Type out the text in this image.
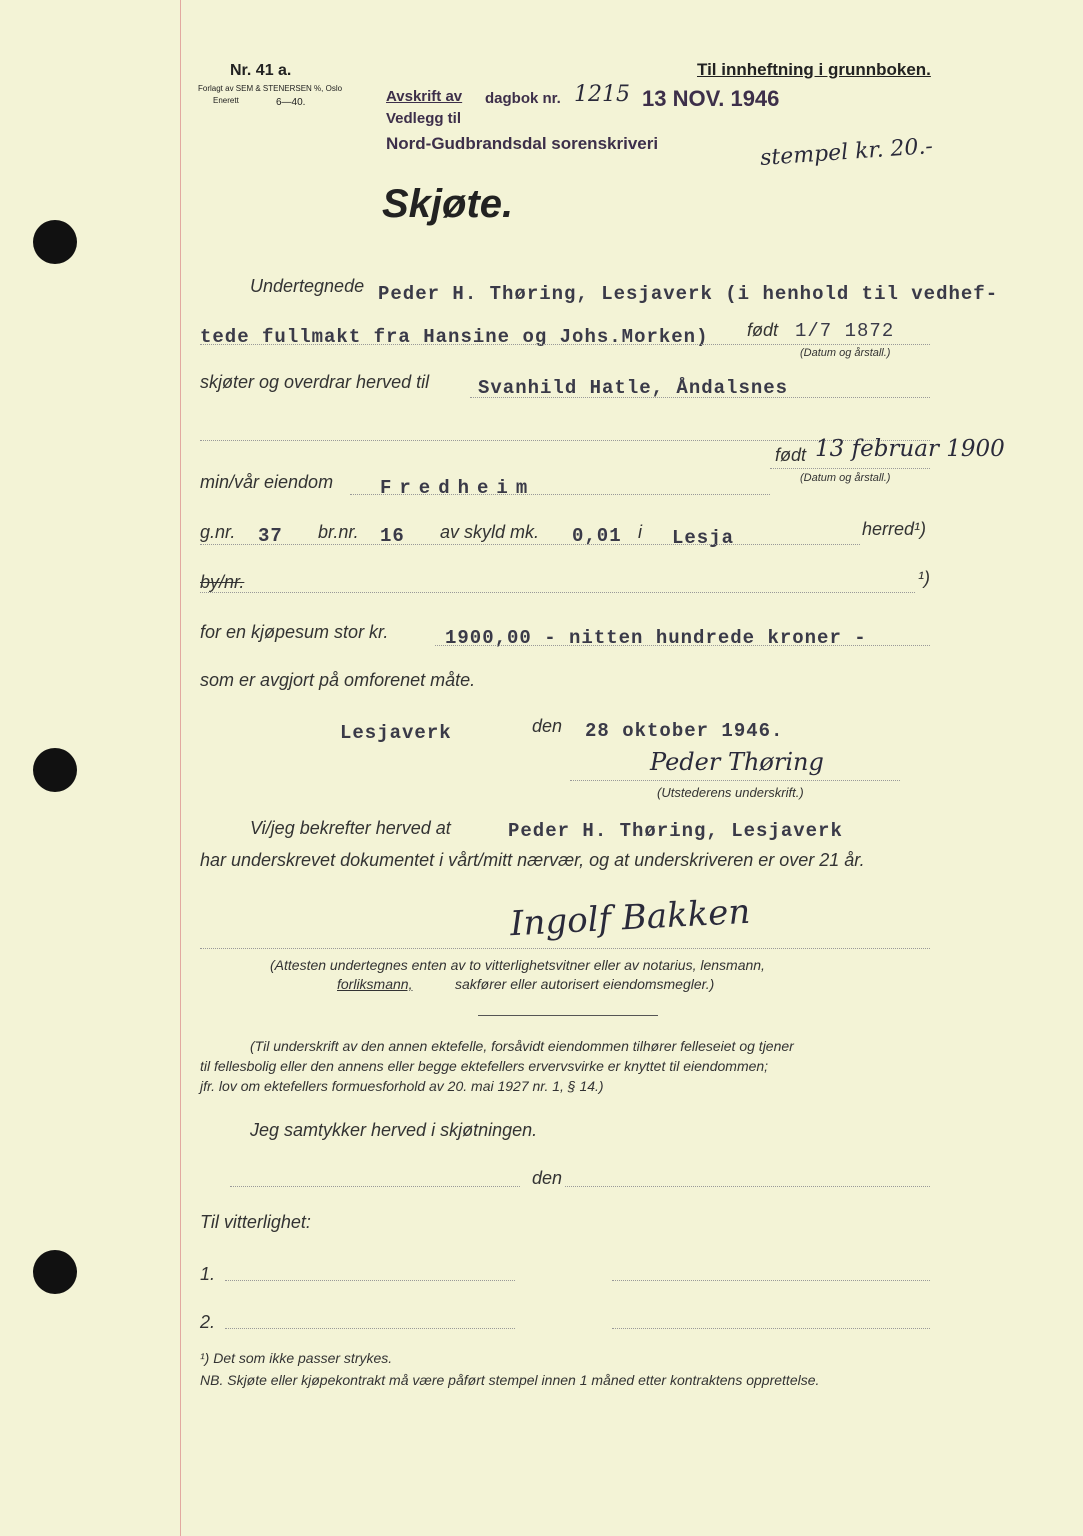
Nr. 41 a.
Forlagt av SEM & STENERSEN %, Oslo
Enerett	6—40.
Til innheftning i grunnboken.
Avskrift av dagbok nr. 1215 13 NOV. 1946
Vedlegg til
Nord-Gudbrandsdal sorenskriveri	stempel kr. 20.-
Skjøte.
Undertegnede Peder H. Thøring, Lesjaverk (i henhold til vedhef-
tede fullmakt fra Hansine og Johs.Morken) født 1/7 1872
(Datum og årstall.)
skjøter og overdrar herved til	Svanhild Hatle, Åndalsnes
født 13 februar 1900
(Datum og årstall.)
min/vår eiendom Fredheim
g.nr. 37 br.nr. 16 av skyld mk. 0,01 i Lesja	herred¹)
by/nr.	¹)
for en kjøpesum stor kr.	1900,00 - nitten hundrede kroner -
som er avgjort på omforenet måte.
Lesjaverk	den 28 oktober 1946.
Peder Thøring
(Utstederens underskrift.)
Vi/jeg bekrefter herved at	Peder H. Thøring, Lesjaverk
har underskrevet dokumentet i vårt/mitt nærvær, og at underskriveren er over 21 år.
Ingolf Bakken
(Attesten undertegnes enten av to vitterlighetsvitner eller av notarius, lensmann,
forliksmann,	sakfører eller autorisert eiendomsmegler.)
(Til underskrift av den annen ektefelle, forsåvidt eiendommen tilhører felleseiet og tjener
til fellesbolig eller den annens eller begge ektefellers ervervsvirke er knyttet til eiendommen;
jfr. lov om ektefellers formuesforhold av 20. mai 1927 nr. 1, § 14.)
Jeg samtykker herved i skjøtningen.
den
Til vitterlighet:
1.
2.
¹) Det som ikke passer strykes.
NB. Skjøte eller kjøpekontrakt må være påført stempel innen 1 måned etter kontraktens opprettelse.
